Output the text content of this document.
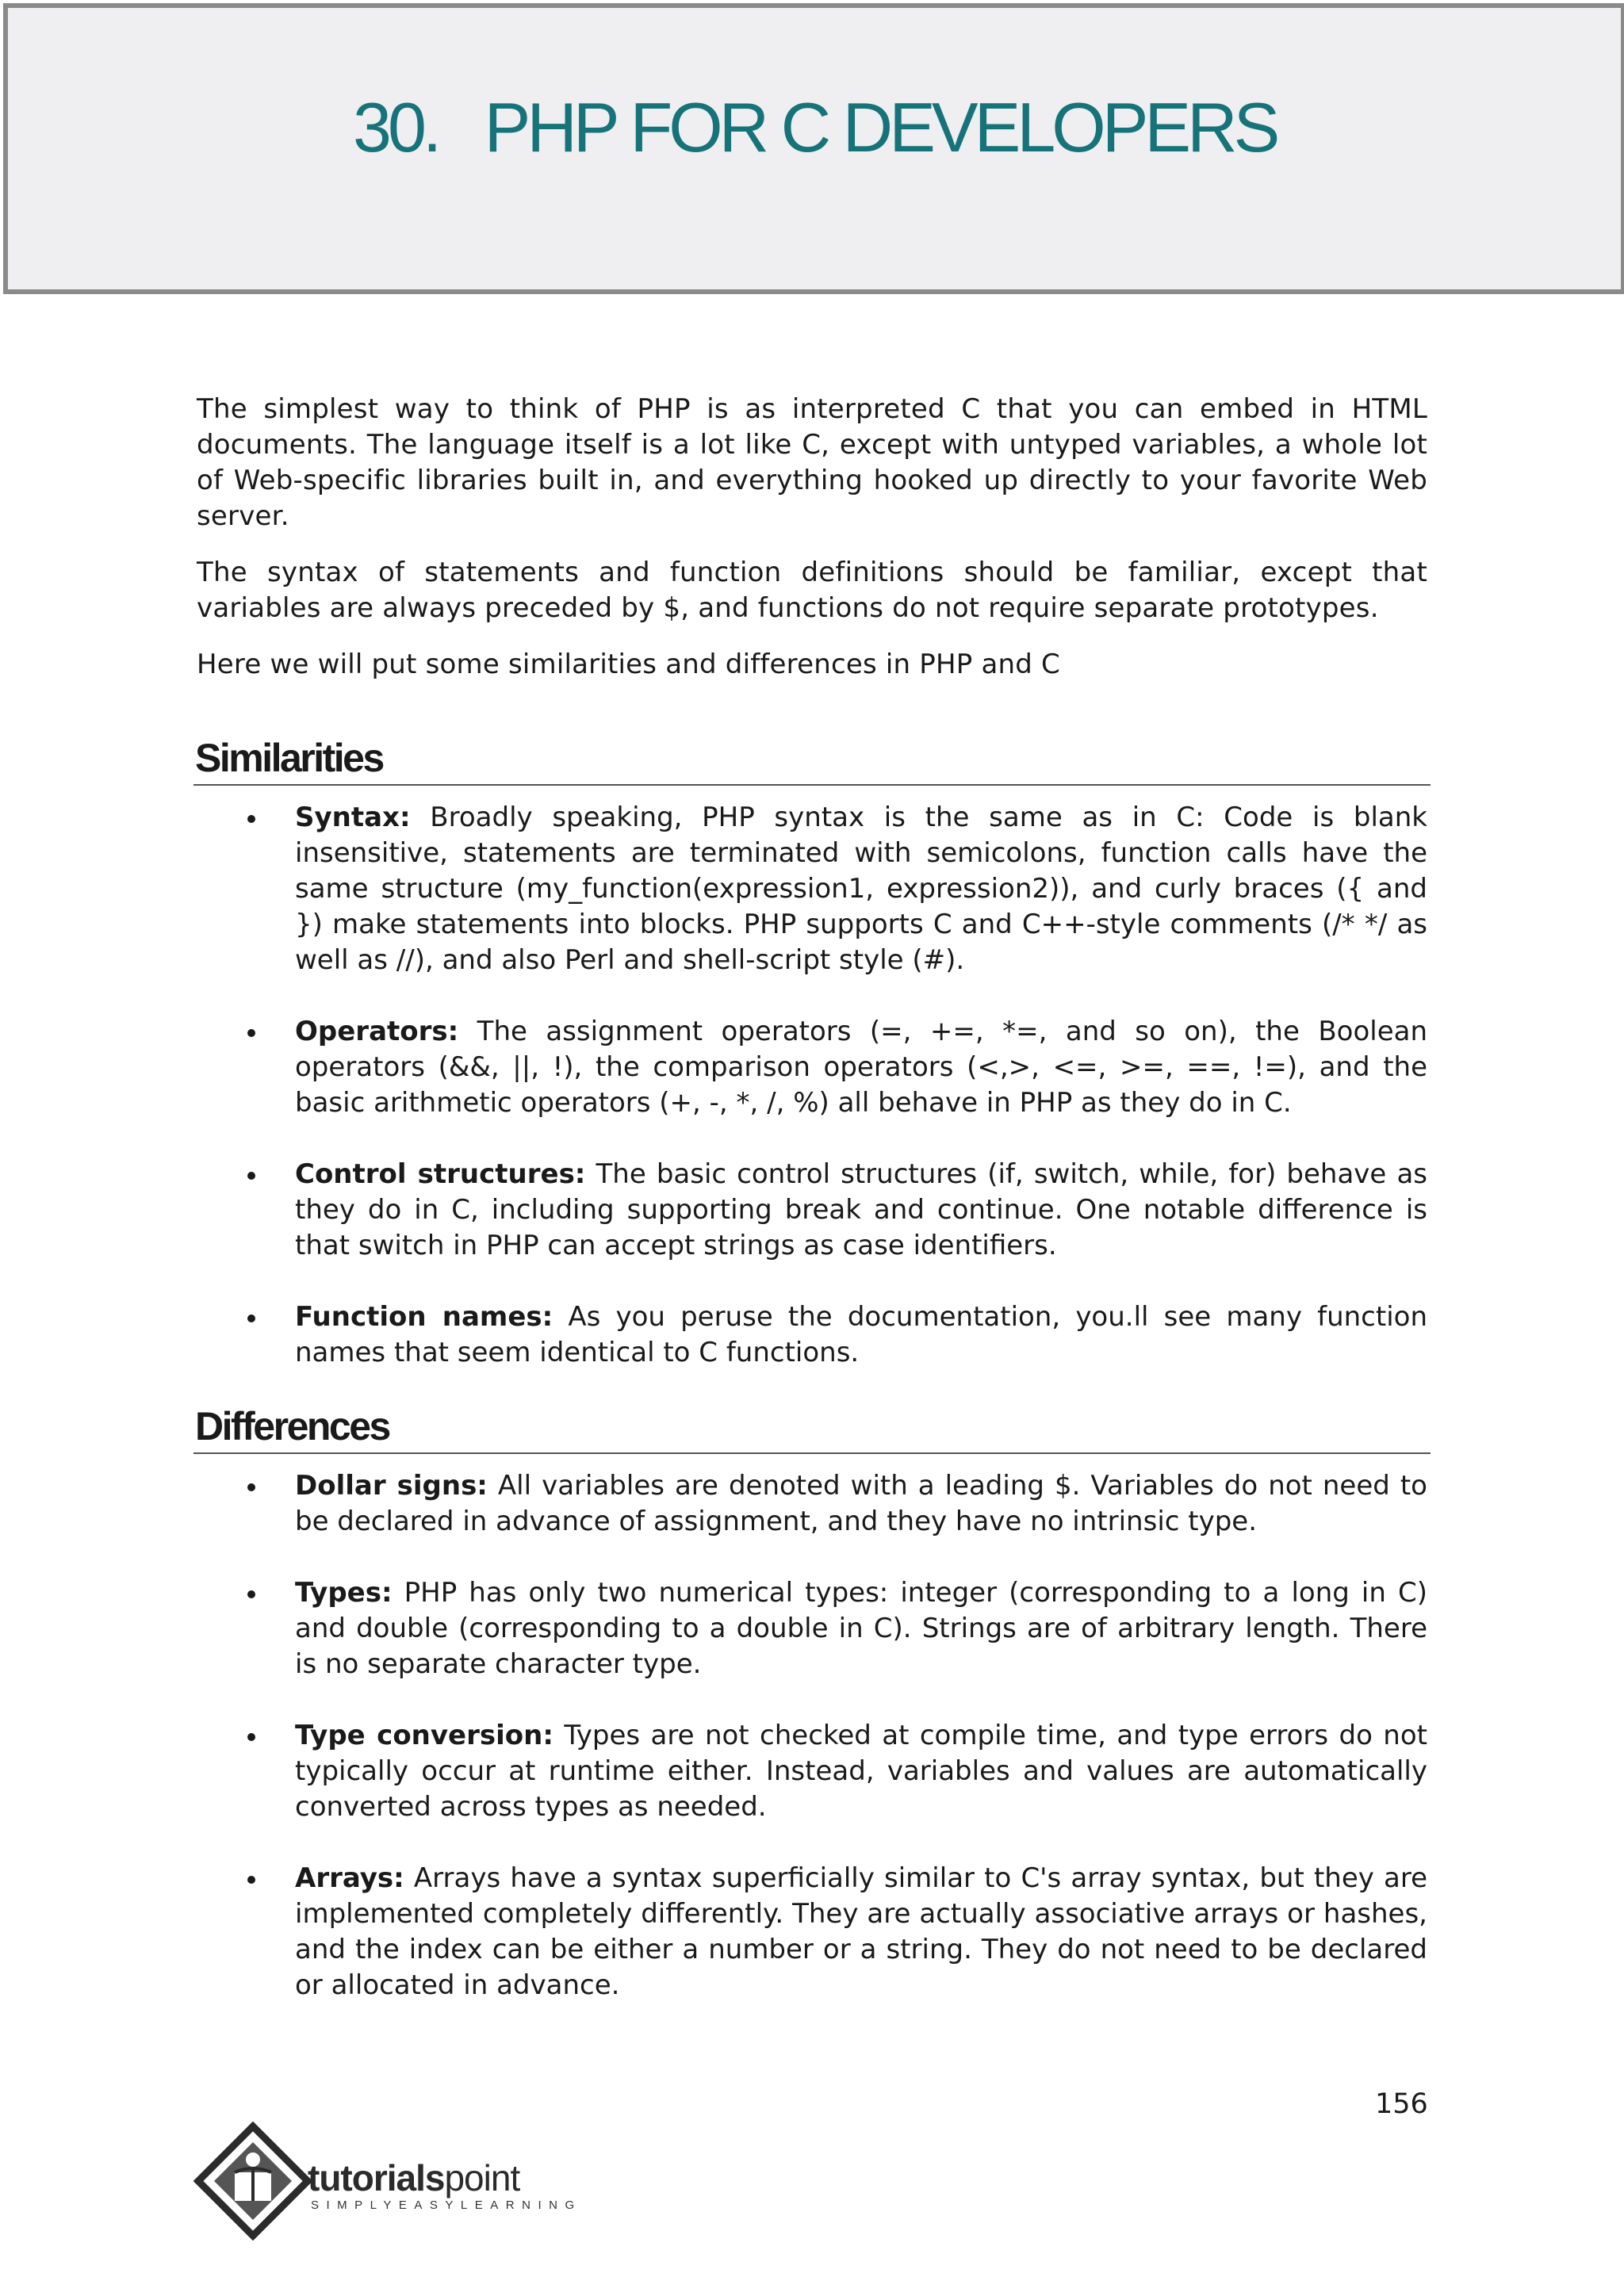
30.   PHP FOR C DEVELOPERS

The simplest way to think of PHP is as interpreted C that you can embed in HTML documents. The language itself is a lot like C, except with untyped variables, a whole lot of Web-specific libraries built in, and everything hooked up directly to your favorite Web server.

The syntax of statements and function definitions should be familiar, except that variables are always preceded by $, and functions do not require separate prototypes.

Here we will put some similarities and differences in PHP and C

Similarities
Syntax: Broadly speaking, PHP syntax is the same as in C: Code is blank insensitive, statements are terminated with semicolons, function calls have the same structure (my_function(expression1, expression2)), and curly braces ({ and }) make statements into blocks. PHP supports C and C++-style comments (/* */ as well as //), and also Perl and shell-script style (#).
Operators: The assignment operators (=, +=, *=, and so on), the Boolean operators (&&, ||, !), the comparison operators (<,>, <=, >=, ==, !=), and the basic arithmetic operators (+, -, *, /, %) all behave in PHP as they do in C.
Control structures: The basic control structures (if, switch, while, for) behave as they do in C, including supporting break and continue. One notable difference is that switch in PHP can accept strings as case identifiers.
Function names: As you peruse the documentation, you.ll see many function names that seem identical to C functions.
Differences
Dollar signs: All variables are denoted with a leading $. Variables do not need to be declared in advance of assignment, and they have no intrinsic type.
Types: PHP has only two numerical types: integer (corresponding to a long in C) and double (corresponding to a double in C). Strings are of arbitrary length. There is no separate character type.
Type conversion: Types are not checked at compile time, and type errors do not typically occur at runtime either. Instead, variables and values are automatically converted across types as needed.
Arrays: Arrays have a syntax superficially similar to C's array syntax, but they are implemented completely differently. They are actually associative arrays or hashes, and the index can be either a number or a string. They do not need to be declared or allocated in advance.
156
tutorialspoint
SIMPLYEASYLEARNING
